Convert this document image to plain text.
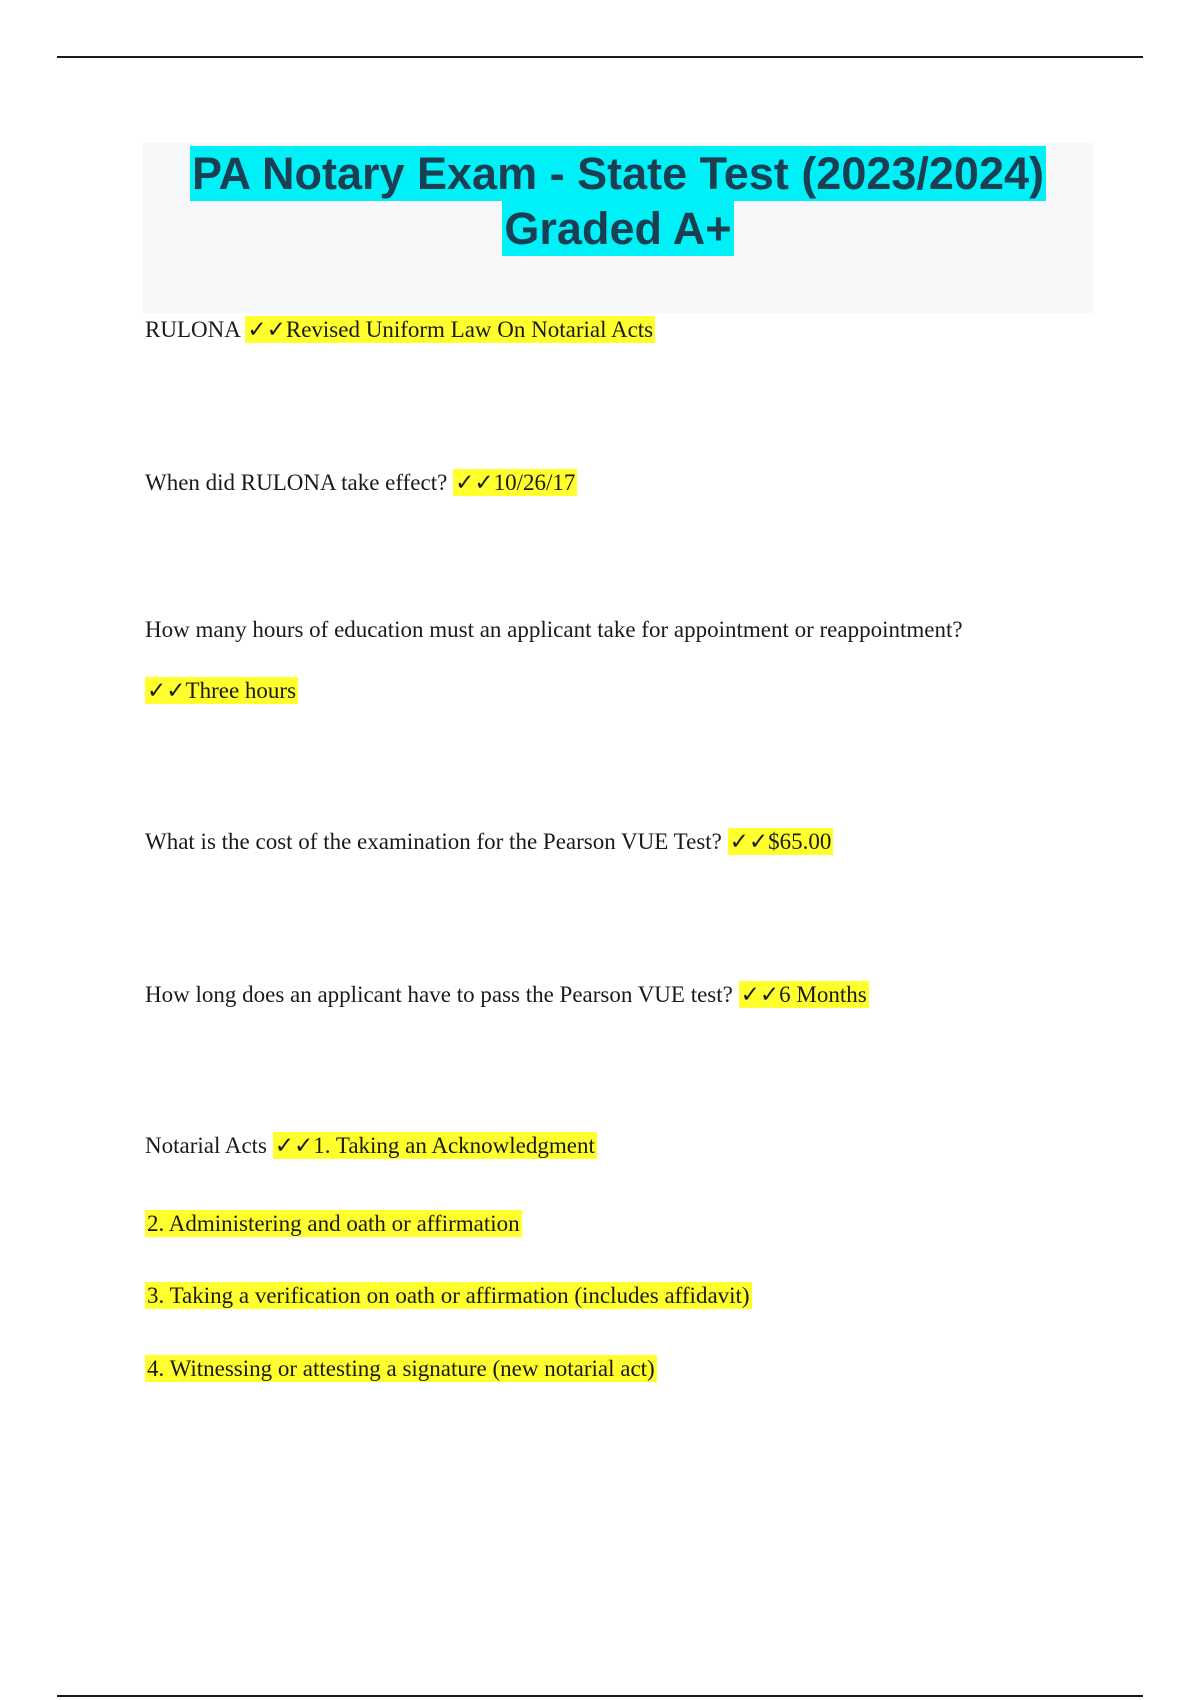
PA Notary Exam - State Test (2023/2024)
Graded A+
RULONA ✓✓Revised Uniform Law On Notarial Acts
When did RULONA take effect? ✓✓10/26/17
How many hours of education must an applicant take for appointment or reappointment?
✓✓Three hours
What is the cost of the examination for the Pearson VUE Test? ✓✓$65.00
How long does an applicant have to pass the Pearson VUE test? ✓✓6 Months
Notarial Acts ✓✓1. Taking an Acknowledgment
2. Administering and oath or affirmation
3. Taking a verification on oath or affirmation (includes affidavit)
4. Witnessing or attesting a signature (new notarial act)
